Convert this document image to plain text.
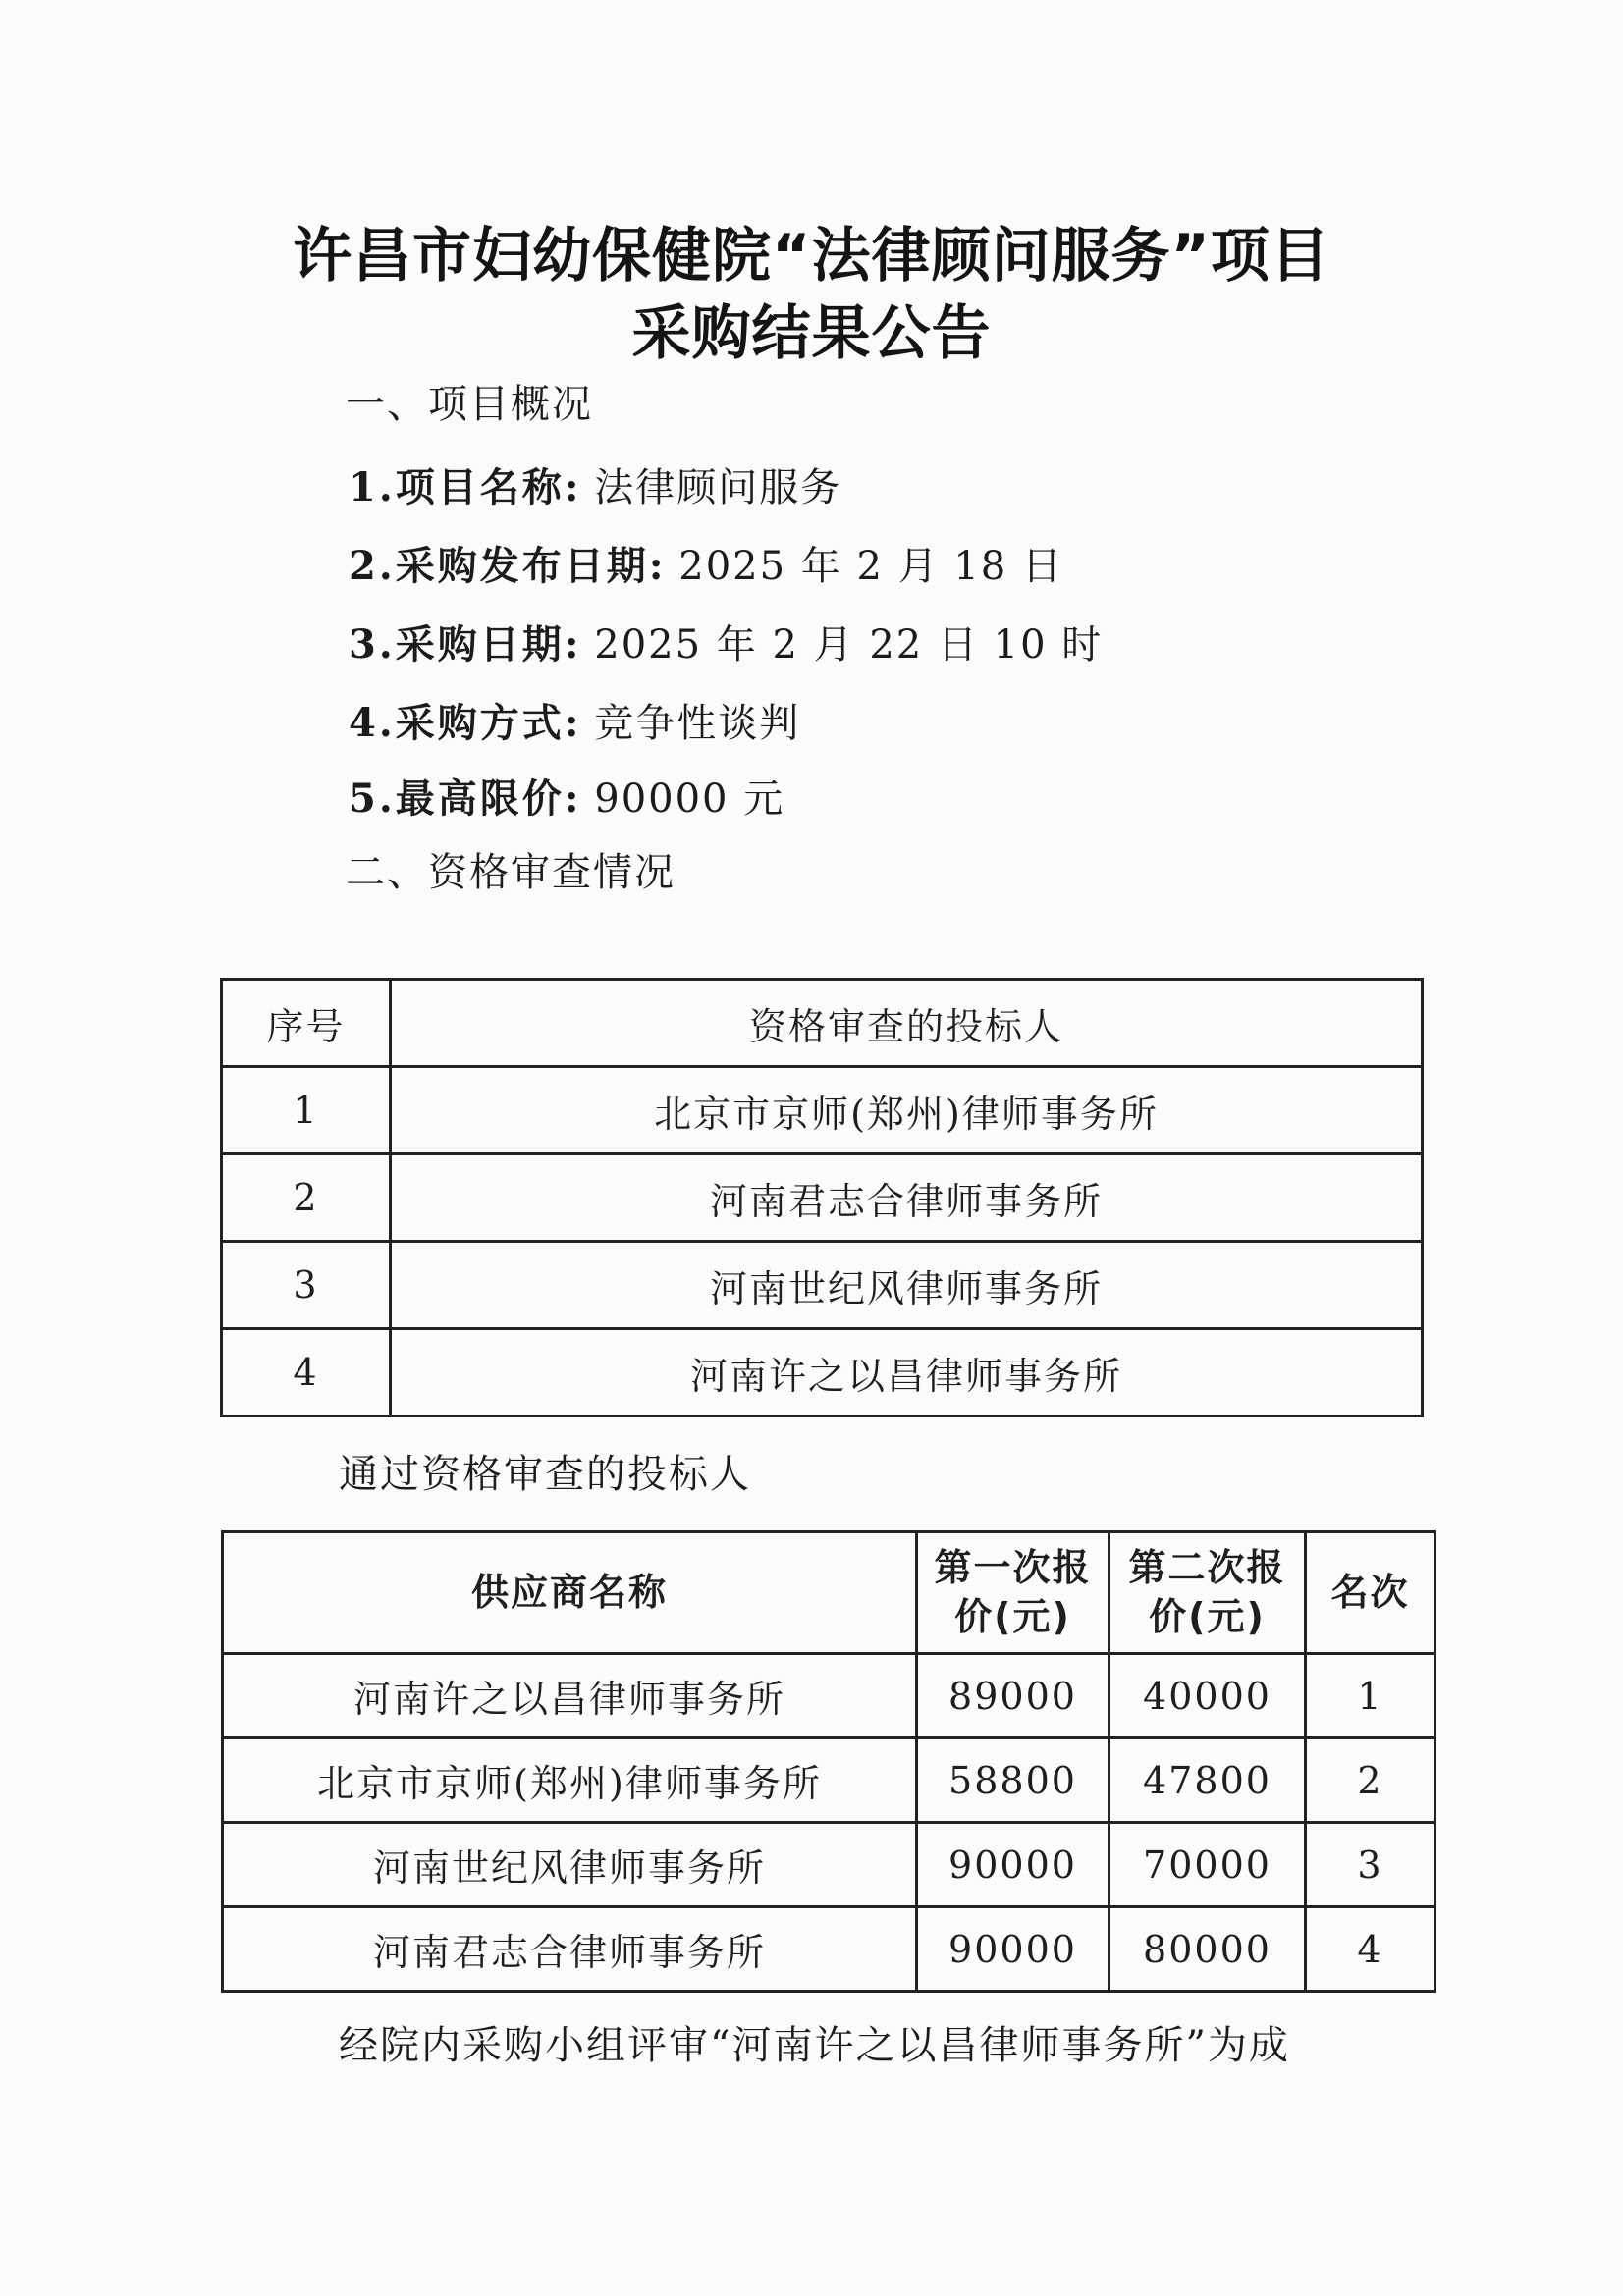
许昌市妇幼保健院“法律顾问服务”项目
采购结果公告
一、项目概况
1.项目名称: 法律顾问服务
2.采购发布日期: 2025 年 2 月 18 日
3.采购日期: 2025 年 2 月 22 日 10 时
4.采购方式: 竞争性谈判
5.最高限价: 90000 元
二、资格审查情况
序号	资格审查的投标人
1	北京市京师(郑州)律师事务所
2	河南君志合律师事务所
3	河南世纪风律师事务所
4	河南许之以昌律师事务所
通过资格审查的投标人
供应商名称	第一次报价(元)	第二次报价(元)	名次
河南许之以昌律师事务所	89000	40000	1
北京市京师(郑州)律师事务所	58800	47800	2
河南世纪风律师事务所	90000	70000	3
河南君志合律师事务所	90000	80000	4
经院内采购小组评审“河南许之以昌律师事务所”为成
